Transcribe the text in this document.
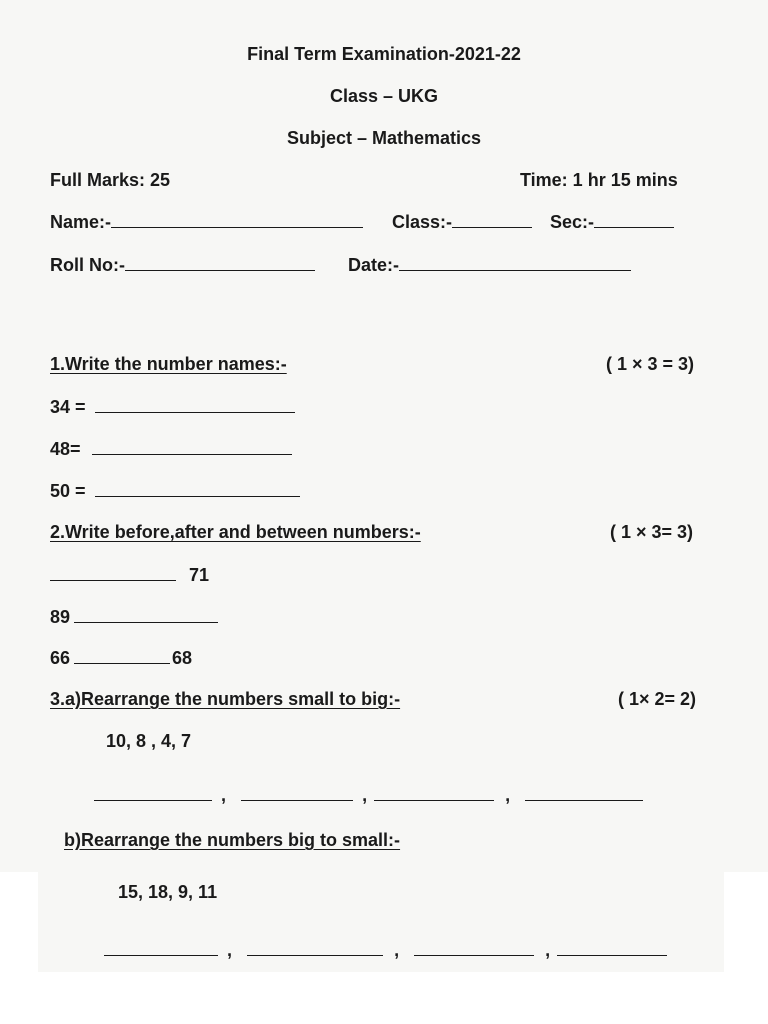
Final Term Examination-2021-22
Class – UKG
Subject – Mathematics
Full Marks: 25	Time: 1 hr 15 mins
Name:-	Class:-	Sec:-
Roll No:-	Date:-
1.Write the number names:-	( 1 × 3 = 3)
34 =
48=
50 =
2.Write before,after and between numbers:-	( 1 × 3= 3)
71
89
66	68
3.a)Rearrange the numbers small to big:-	( 1× 2= 2)
10, 8 , 4, 7
,	,	,
b)Rearrange the numbers big to small:-
15, 18, 9, 11
,	,	,
